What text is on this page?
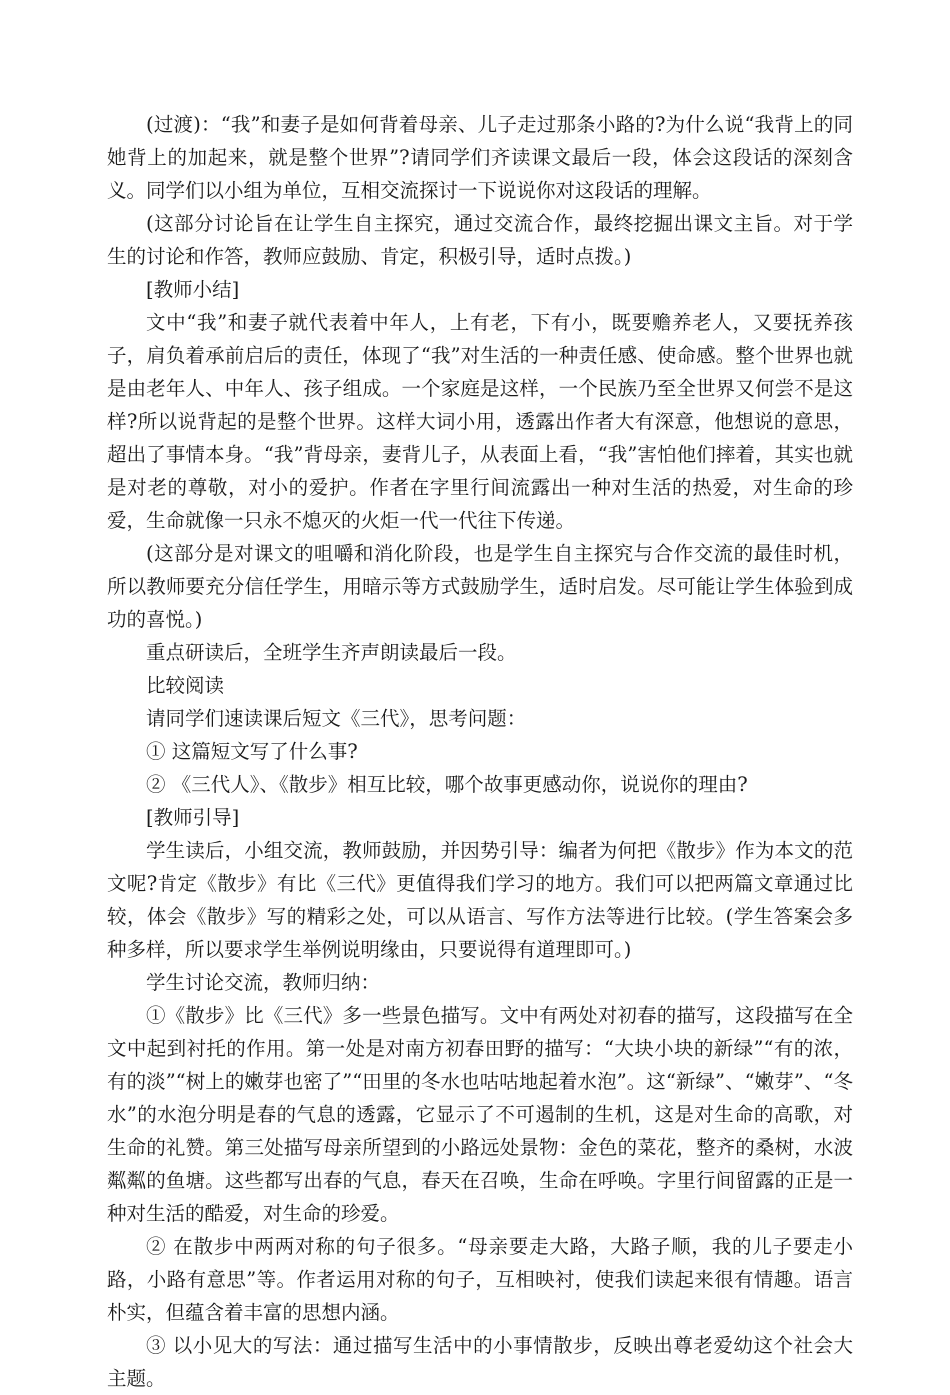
(过渡)：“我”和妻子是如何背着母亲、儿子走过那条小路的?为什么说“我背上的同她背上的加起来，就是整个世界”?请同学们齐读课文最后一段，体会这段话的深刻含义。同学们以小组为单位，互相交流探讨一下说说你对这段话的理解。

(这部分讨论旨在让学生自主探究，通过交流合作，最终挖掘出课文主旨。对于学生的讨论和作答，教师应鼓励、肯定，积极引导，适时点拨。)

[教师小结]

文中“我”和妻子就代表着中年人，上有老，下有小，既要赡养老人，又要抚养孩子，肩负着承前启后的责任，体现了“我”对生活的一种责任感、使命感。整个世界也就是由老年人、中年人、孩子组成。一个家庭是这样，一个民族乃至全世界又何尝不是这样?所以说背起的是整个世界。这样大词小用，透露出作者大有深意，他想说的意思，超出了事情本身。“我”背母亲，妻背儿子，从表面上看，“我”害怕他们摔着，其实也就是对老的尊敬，对小的爱护。作者在字里行间流露出一种对生活的热爱，对生命的珍爱，生命就像一只永不熄灭的火炬一代一代往下传递。

(这部分是对课文的咀嚼和消化阶段，也是学生自主探究与合作交流的最佳时机，所以教师要充分信任学生，用暗示等方式鼓励学生，适时启发。尽可能让学生体验到成功的喜悦。)

重点研读后，全班学生齐声朗读最后一段。

比较阅读

请同学们速读课后短文《三代》，思考问题：

① 这篇短文写了什么事?

② 《三代人》、《散步》相互比较，哪个故事更感动你，说说你的理由?

[教师引导]

学生读后，小组交流，教师鼓励，并因势引导：编者为何把《散步》作为本文的范文呢?肯定《散步》有比《三代》更值得我们学习的地方。我们可以把两篇文章通过比较，体会《散步》写的精彩之处，可以从语言、写作方法等进行比较。(学生答案会多种多样，所以要求学生举例说明缘由，只要说得有道理即可。)

学生讨论交流，教师归纳：

①《散步》比《三代》多一些景色描写。文中有两处对初春的描写，这段描写在全文中起到衬托的作用。第一处是对南方初春田野的描写：“大块小块的新绿”“有的浓，有的淡”“树上的嫩芽也密了”“田里的冬水也咕咕地起着水泡”。这“新绿”、“嫩芽”、“冬水”的水泡分明是春的气息的透露，它显示了不可遏制的生机，这是对生命的高歌，对生命的礼赞。第三处描写母亲所望到的小路远处景物：金色的菜花，整齐的桑树，水波粼粼的鱼塘。这些都写出春的气息，春天在召唤，生命在呼唤。字里行间留露的正是一种对生活的酷爱，对生命的珍爱。

② 在散步中两两对称的句子很多。“母亲要走大路，大路子顺，我的儿子要走小路，小路有意思”等。作者运用对称的句子，互相映衬，使我们读起来很有情趣。语言朴实，但蕴含着丰富的思想内涵。

③ 以小见大的写法：通过描写生活中的小事情散步，反映出尊老爱幼这个社会大主题。
